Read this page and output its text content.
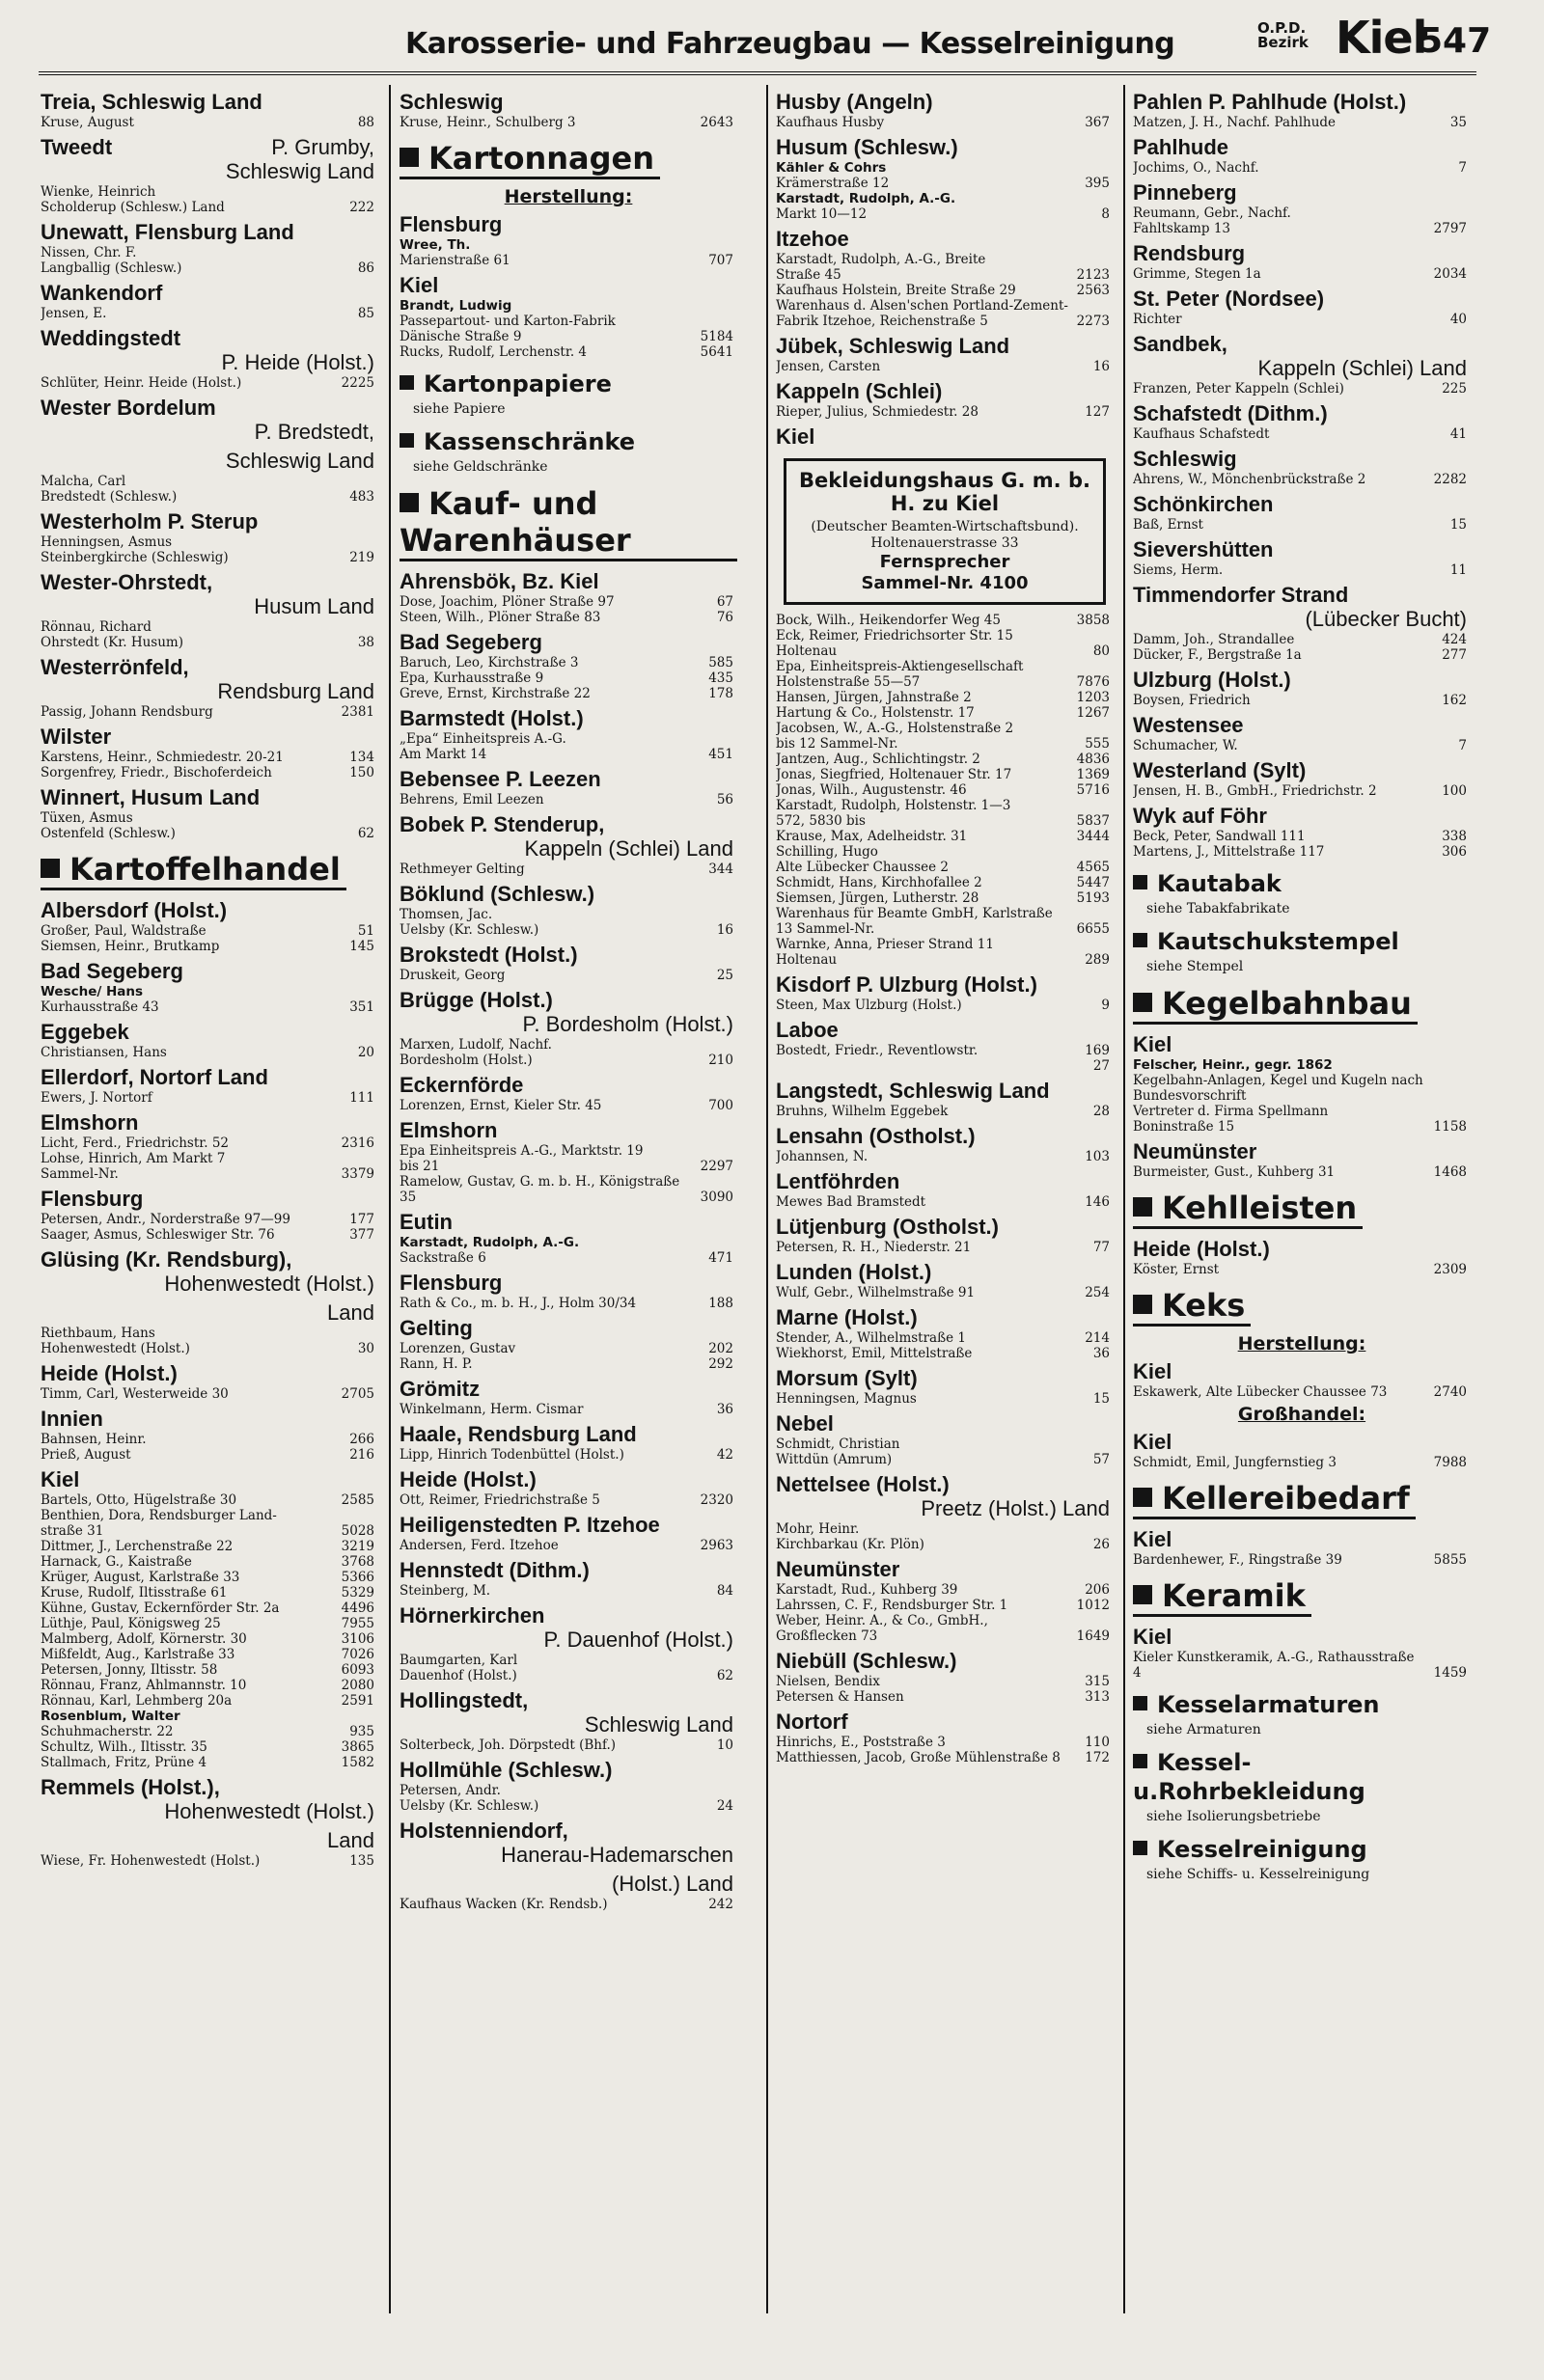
Karosserie- und Fahrzeugbau — Kesselreinigung	O.P.D.
Bezirk Kiel
547
Treia, Schleswig Land
Kruse, August	88
Tweedt	P. Grumby,
Schleswig Land
Wienke, Heinrich
Scholderup (Schlesw.) Land	222
Unewatt, Flensburg Land
Nissen, Chr. F.
Langballig (Schlesw.)	86
Wankendorf
Jensen, E.	85
Weddingstedt
P. Heide (Holst.)
Schlüter, Heinr. Heide (Holst.)	2225
Wester Bordelum
P. Bredstedt,
Schleswig Land
Malcha, Carl
Bredstedt (Schlesw.)	483
Westerholm P. Sterup
Henningsen, Asmus
Steinbergkirche (Schleswig)	219
Wester-Ohrstedt,
Husum Land
Rönnau, Richard
Ohrstedt (Kr. Husum)	38
Westerrönfeld,
Rendsburg Land
Passig, Johann Rendsburg	2381
Wilster
Karstens, Heinr., Schmiedestr. 20-21	134
Sorgenfrey, Friedr., Bischoferdeich	150
Winnert, Husum Land
Tüxen, Asmus
Ostenfeld (Schlesw.)	62
Kartoffelhandel
Albersdorf (Holst.)
Großer, Paul, Waldstraße	51
Siemsen, Heinr., Brutkamp	145
Bad Segeberg
Wesche/ Hans
Kurhausstraße 43	351
Eggebek
Christiansen, Hans	20
Ellerdorf, Nortorf Land
Ewers, J. Nortorf	111
Elmshorn
Licht, Ferd., Friedrichstr. 52	2316
Lohse, Hinrich, Am Markt 7
Sammel-Nr.	3379
Flensburg
Petersen, Andr., Norderstraße 97—99	177
Saager, Asmus, Schleswiger Str. 76	377
Glüsing (Kr. Rendsburg),
Hohenwestedt (Holst.)
Land
Riethbaum, Hans
Hohenwestedt (Holst.)	30
Heide (Holst.)
Timm, Carl, Westerweide 30	2705
Innien
Bahnsen, Heinr.	266
Prieß, August	216
Kiel
Bartels, Otto, Hügelstraße 30	2585
Benthien, Dora, Rendsburger Land-
straße 31	5028
Dittmer, J., Lerchenstraße 22	3219
Harnack, G., Kaistraße	3768
Krüger, August, Karlstraße 33	5366
Kruse, Rudolf, Iltisstraße 61	5329
Kühne, Gustav, Eckernförder Str. 2a	4496
Lüthje, Paul, Königsweg 25	7955
Malmberg, Adolf, Körnerstr. 30	3106
Mißfeldt, Aug., Karlstraße 33	7026
Petersen, Jonny, Iltisstr. 58	6093
Rönnau, Franz, Ahlmannstr. 10	2080
Rönnau, Karl, Lehmberg 20a	2591
Rosenblum, Walter
Schuhmacherstr. 22	935
Schultz, Wilh., Iltisstr. 35	3865
Stallmach, Fritz, Prüne 4	1582
Remmels (Holst.),
Hohenwestedt (Holst.)
Land
Wiese, Fr. Hohenwestedt (Holst.)	135
Schleswig
Kruse, Heinr., Schulberg 3	2643
Kartonnagen
Herstellung:
Flensburg
Wree, Th.
Marienstraße 61	707
Kiel
Brandt, Ludwig
Passepartout- und Karton-Fabrik
Dänische Straße 9	5184
Rucks, Rudolf, Lerchenstr. 4	5641
Kartonpapiere
siehe Papiere
Kassenschränke
siehe Geldschränke
Kauf- und Warenhäuser
Ahrensbök, Bz. Kiel
Dose, Joachim, Plöner Straße 97	67
Steen, Wilh., Plöner Straße 83	76
Bad Segeberg
Baruch, Leo, Kirchstraße 3	585
Epa, Kurhausstraße 9	435
Greve, Ernst, Kirchstraße 22	178
Barmstedt (Holst.)
„Epa“ Einheitspreis A.-G.
Am Markt 14	451
Bebensee P. Leezen
Behrens, Emil Leezen	56
Bobek P. Stenderup,
Kappeln (Schlei) Land
Rethmeyer Gelting	344
Böklund (Schlesw.)
Thomsen, Jac.
Uelsby (Kr. Schlesw.)	16
Brokstedt (Holst.)
Druskeit, Georg	25
Brügge (Holst.)
P. Bordesholm (Holst.)
Marxen, Ludolf, Nachf.
Bordesholm (Holst.)	210
Eckernförde
Lorenzen, Ernst, Kieler Str. 45	700
Elmshorn
Epa Einheitspreis A.-G., Marktstr. 19
bis 21	2297
Ramelow, Gustav, G. m. b. H., Königstraße 35	3090
Eutin
Karstadt, Rudolph, A.-G.
Sackstraße 6	471
Flensburg
Rath & Co., m. b. H., J., Holm 30/34	188
Gelting
Lorenzen, Gustav	202
Rann, H. P.	292
Grömitz
Winkelmann, Herm. Cismar	36
Haale, Rendsburg Land
Lipp, Hinrich Todenbüttel (Holst.)	42
Heide (Holst.)
Ott, Reimer, Friedrichstraße 5	2320
Heiligenstedten P. Itzehoe
Andersen, Ferd. Itzehoe	2963
Hennstedt (Dithm.)
Steinberg, M.	84
Hörnerkirchen
P. Dauenhof (Holst.)
Baumgarten, Karl
Dauenhof (Holst.)	62
Hollingstedt,
Schleswig Land
Solterbeck, Joh. Dörpstedt (Bhf.)	10
Hollmühle (Schlesw.)
Petersen, Andr.
Uelsby (Kr. Schlesw.)	24
Holstenniendorf,
Hanerau-Hademarschen
(Holst.) Land
Kaufhaus Wacken (Kr. Rendsb.)	242
Husby (Angeln)
Kaufhaus Husby	367
Husum (Schlesw.)
Kähler & Cohrs
Krämerstraße 12	395
Karstadt, Rudolph, A.-G.
Markt 10—12	8
Itzehoe
Karstadt, Rudolph, A.-G., Breite
Straße 45	2123
Kaufhaus Holstein, Breite Straße 29	2563
Warenhaus d. Alsen'schen Portland-Zement-Fabrik Itzehoe, Reichenstraße 5	2273
Jübek, Schleswig Land
Jensen, Carsten	16
Kappeln (Schlei)
Rieper, Julius, Schmiedestr. 28	127
Kiel
Bekleidungshaus G. m. b. H. zu Kiel
(Deutscher Beamten-Wirtschaftsbund). Holtenauerstrasse 33
Fernsprecher
Sammel-Nr. 4100
Bock, Wilh., Heikendorfer Weg 45	3858
Eck, Reimer, Friedrichsorter Str. 15
Holtenau	80
Epa, Einheitspreis-Aktiengesellschaft
Holstenstraße 55—57	7876
Hansen, Jürgen, Jahnstraße 2	1203
Hartung & Co., Holstenstr. 17	1267
Jacobsen, W., A.-G., Holstenstraße 2
bis 12 Sammel-Nr.	555
Jantzen, Aug., Schlichtingstr. 2	4836
Jonas, Siegfried, Holtenauer Str. 17	1369
Jonas, Wilh., Augustenstr. 46	5716
Karstadt, Rudolph, Holstenstr. 1—3
572, 5830 bis	5837
Krause, Max, Adelheidstr. 31	3444
Schilling, Hugo
Alte Lübecker Chaussee 2	4565
Schmidt, Hans, Kirchhofallee 2	5447
Siemsen, Jürgen, Lutherstr. 28	5193
Warenhaus für Beamte GmbH, Karlstraße 13 Sammel-Nr.	6655
Warnke, Anna, Prieser Strand 11
Holtenau	289
Kisdorf P. Ulzburg (Holst.)
Steen, Max Ulzburg (Holst.)	9
Laboe
Bostedt, Friedr., Reventlowstr.	169
27
Langstedt, Schleswig Land
Bruhns, Wilhelm Eggebek	28
Lensahn (Ostholst.)
Johannsen, N.	103
Lentföhrden
Mewes Bad Bramstedt	146
Lütjenburg (Ostholst.)
Petersen, R. H., Niederstr. 21	77
Lunden (Holst.)
Wulf, Gebr., Wilhelmstraße 91	254
Marne (Holst.)
Stender, A., Wilhelmstraße 1	214
Wiekhorst, Emil, Mittelstraße	36
Morsum (Sylt)
Henningsen, Magnus	15
Nebel
Schmidt, Christian
Wittdün (Amrum)	57
Nettelsee (Holst.)
Preetz (Holst.) Land
Mohr, Heinr.
Kirchbarkau (Kr. Plön)	26
Neumünster
Karstadt, Rud., Kuhberg 39	206
Lahrssen, C. F., Rendsburger Str. 1	1012
Weber, Heinr. A., & Co., GmbH.,
Großflecken 73	1649
Niebüll (Schlesw.)
Nielsen, Bendix	315
Petersen & Hansen	313
Nortorf
Hinrichs, E., Poststraße 3	110
Matthiessen, Jacob, Große Mühlenstraße 8 172
Pahlen P. Pahlhude (Holst.)
Matzen, J. H., Nachf. Pahlhude	35
Pahlhude
Jochims, O., Nachf.	7
Pinneberg
Reumann, Gebr., Nachf.
Fahltskamp 13	2797
Rendsburg
Grimme, Stegen 1a	2034
St. Peter (Nordsee)
Richter	40
Sandbek,
Kappeln (Schlei) Land
Franzen, Peter Kappeln (Schlei)	225
Schafstedt (Dithm.)
Kaufhaus Schafstedt	41
Schleswig
Ahrens, W., Mönchenbrückstraße 2	2282
Schönkirchen
Baß, Ernst	15
Sievershütten
Siems, Herm.	11
Timmendorfer Strand
(Lübecker Bucht)
Damm, Joh., Strandallee	424
Dücker, F., Bergstraße 1a	277
Ulzburg (Holst.)
Boysen, Friedrich	162
Westensee
Schumacher, W.	7
Westerland (Sylt)
Jensen, H. B., GmbH., Friedrichstr. 2	100
Wyk auf Föhr
Beck, Peter, Sandwall 111	338
Martens, J., Mittelstraße 117	306
Kautabak
siehe Tabakfabrikate
Kautschukstempel
siehe Stempel
Kegelbahnbau
Kiel
Felscher, Heinr., gegr. 1862
Kegelbahn-Anlagen, Kegel und Kugeln nach Bundesvorschrift
Vertreter d. Firma Spellmann
Boninstraße 15	1158
Neumünster
Burmeister, Gust., Kuhberg 31	1468
Kehlleisten
Heide (Holst.)
Köster, Ernst	2309
Keks
Herstellung:
Kiel
Eskawerk, Alte Lübecker Chaussee 73	2740
Großhandel:
Kiel
Schmidt, Emil, Jungfernstieg 3	7988
Kellereibedarf
Kiel
Bardenhewer, F., Ringstraße 39	5855
Keramik
Kiel
Kieler Kunstkeramik, A.-G., Rathausstraße 4	1459
Kesselarmaturen
siehe Armaturen
Kessel-u.Rohrbekleidung
siehe Isolierungsbetriebe
Kesselreinigung
siehe Schiffs- u. Kesselreinigung
